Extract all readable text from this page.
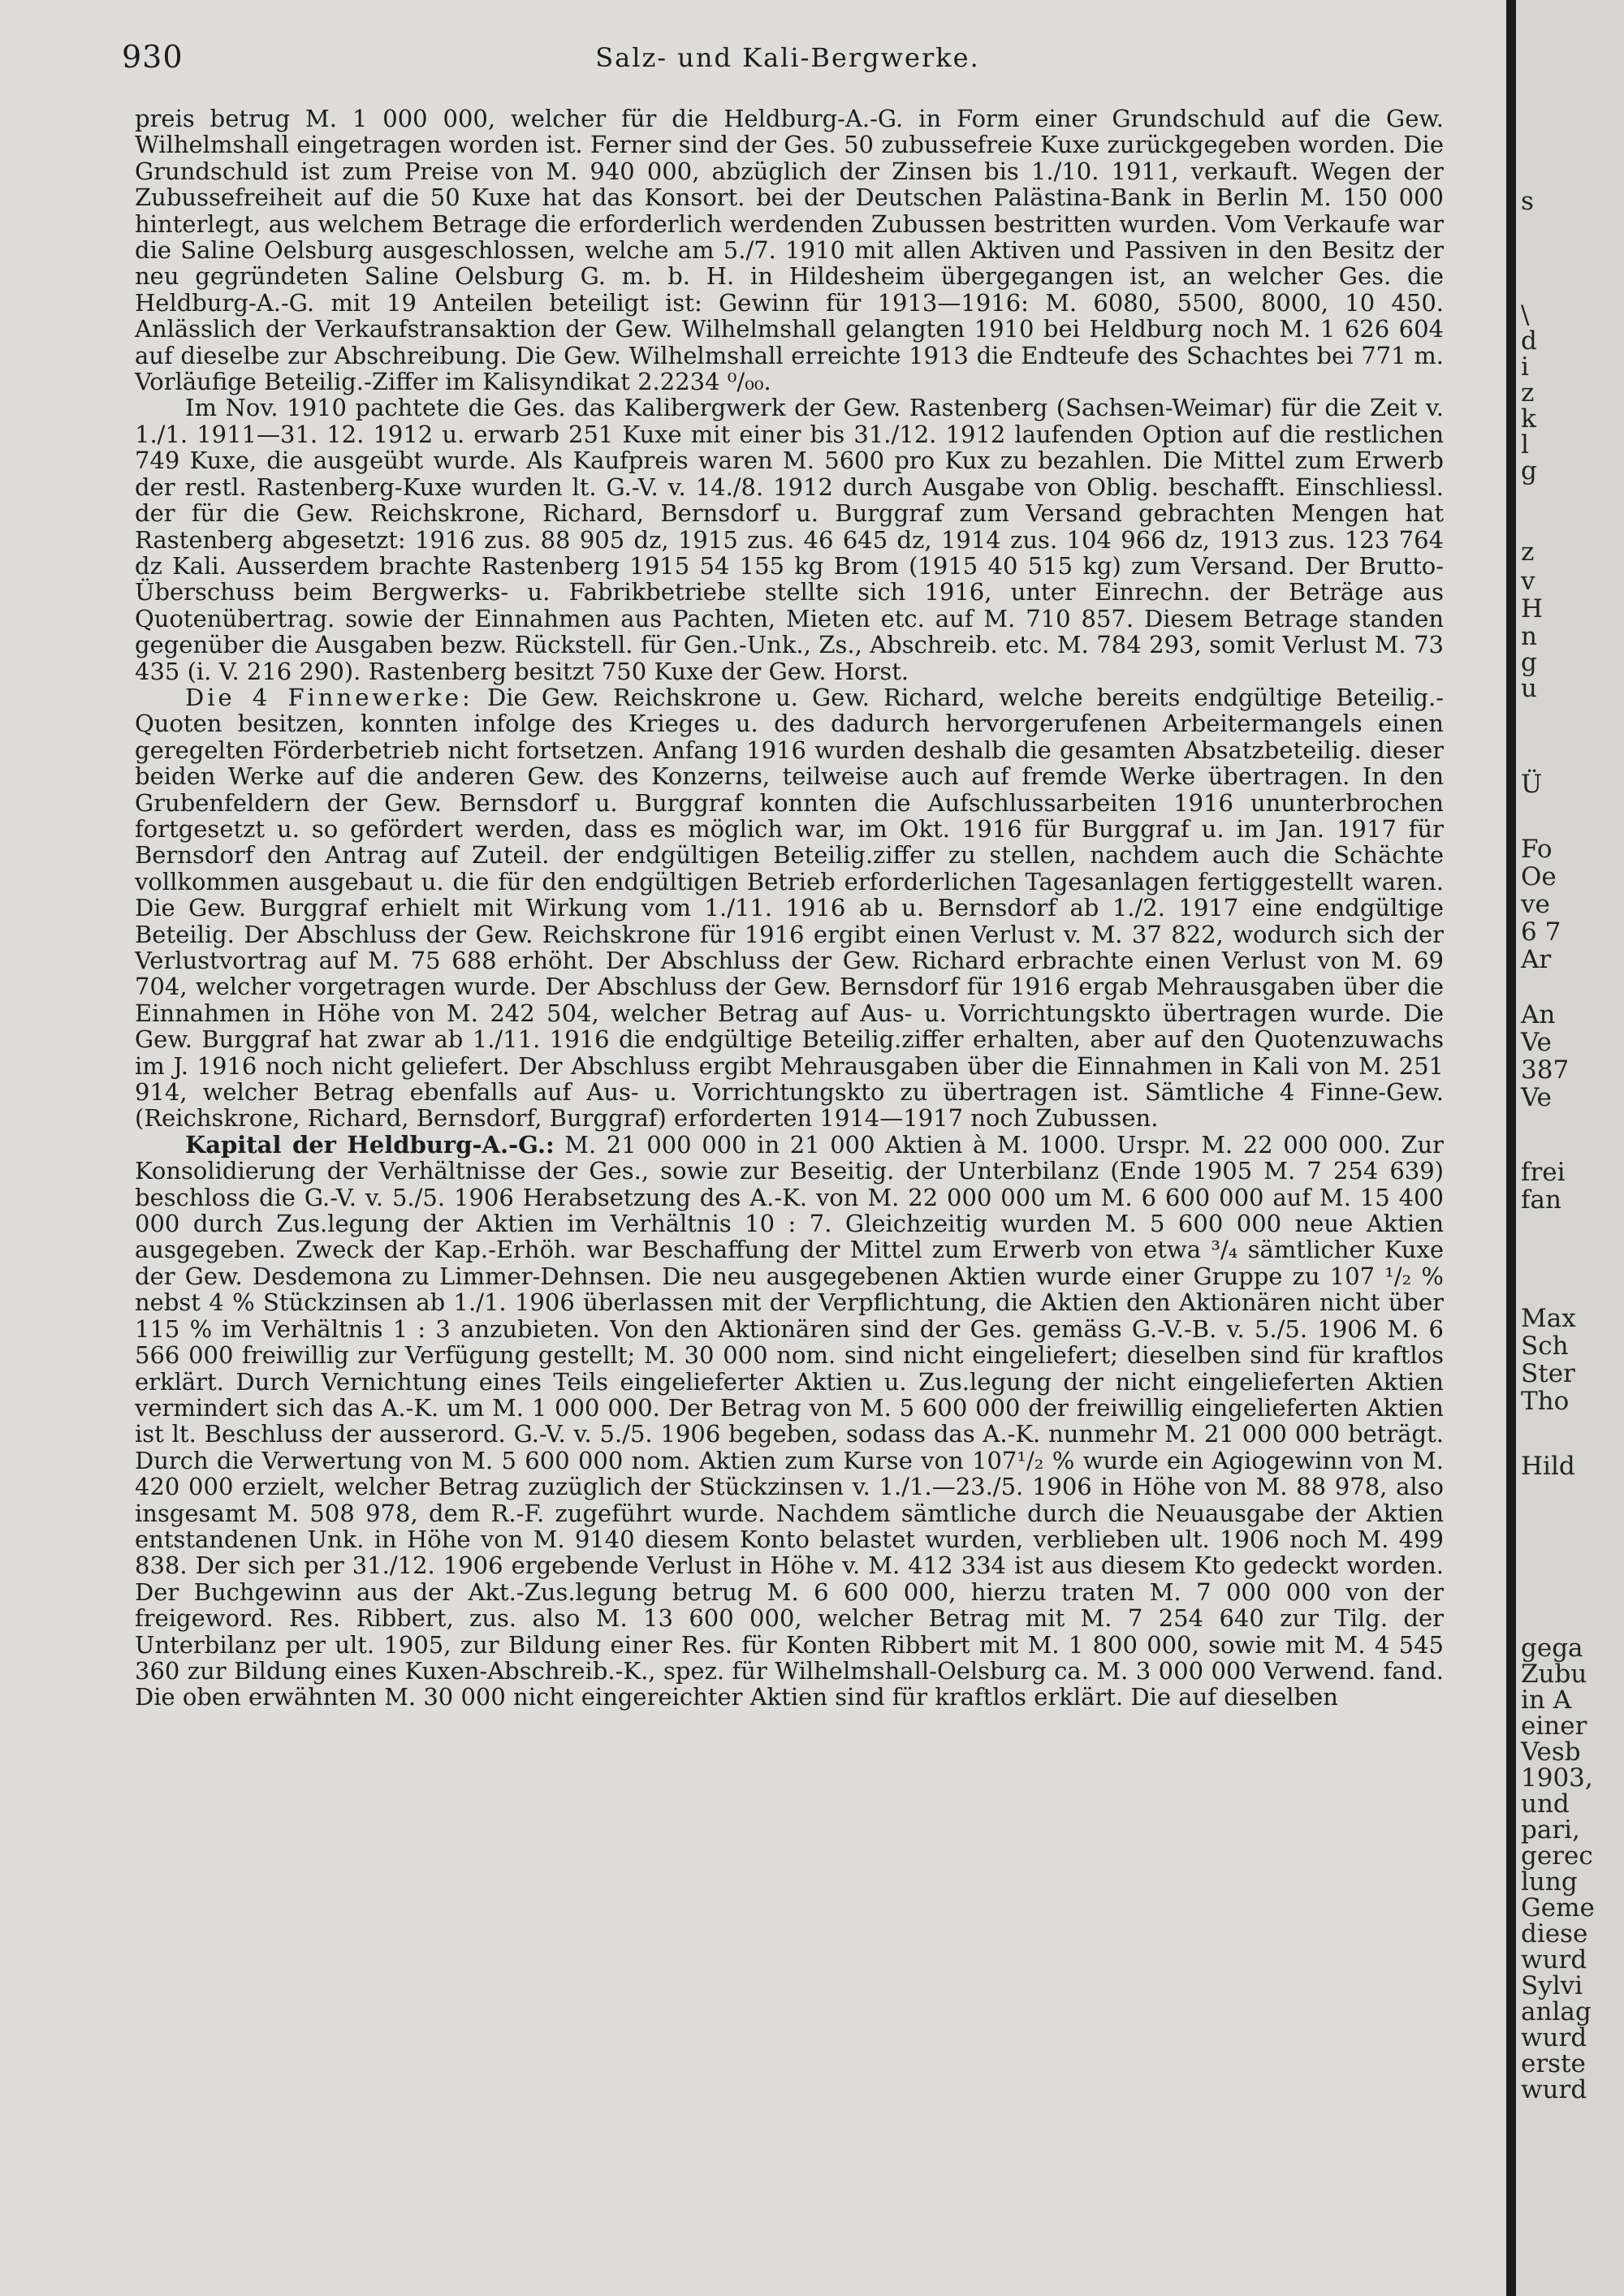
930	Salz- und Kali-Bergwerke.

preis betrug M. 1 000 000, welcher für die Heldburg-A.-G. in Form einer Grundschuld auf die Gew. Wilhelmshall eingetragen worden ist. Ferner sind der Ges. 50 zubussefreie Kuxe zurückgegeben worden. Die Grundschuld ist zum Preise von M. 940 000, abzüglich der Zinsen bis 1./10. 1911, verkauft. Wegen der Zubussefreiheit auf die 50 Kuxe hat das Konsort. bei der Deutschen Palästina-Bank in Berlin M. 150 000 hinterlegt, aus welchem Betrage die erforderlich werdenden Zubussen bestritten wurden. Vom Verkaufe war die Saline Oelsburg ausgeschlossen, welche am 5./7. 1910 mit allen Aktiven und Passiven in den Besitz der neu gegründeten Saline Oelsburg G. m. b. H. in Hildesheim übergegangen ist, an welcher Ges. die Heldburg-A.-G. mit 19 Anteilen beteiligt ist: Gewinn für 1913—1916: M. 6080, 5500, 8000, 10 450. Anlässlich der Verkaufstransaktion der Gew. Wilhelmshall gelangten 1910 bei Heldburg noch M. 1 626 604 auf dieselbe zur Abschreibung. Die Gew. Wilhelmshall erreichte 1913 die Endteufe des Schachtes bei 771 m. Vorläufige Beteilig.-Ziffer im Kalisyndikat 2.2234 ⁰/₀₀.

Im Nov. 1910 pachtete die Ges. das Kalibergwerk der Gew. Rastenberg (Sachsen-Weimar) für die Zeit v. 1./1. 1911—31. 12. 1912 u. erwarb 251 Kuxe mit einer bis 31./12. 1912 laufenden Option auf die restlichen 749 Kuxe, die ausgeübt wurde. Als Kaufpreis waren M. 5600 pro Kux zu bezahlen. Die Mittel zum Erwerb der restl. Rastenberg-Kuxe wurden lt. G.-V. v. 14./8. 1912 durch Ausgabe von Oblig. beschafft. Einschliessl. der für die Gew. Reichskrone, Richard, Bernsdorf u. Burggraf zum Versand gebrachten Mengen hat Rastenberg abgesetzt: 1916 zus. 88 905 dz, 1915 zus. 46 645 dz, 1914 zus. 104 966 dz, 1913 zus. 123 764 dz Kali. Ausserdem brachte Rastenberg 1915 54 155 kg Brom (1915 40 515 kg) zum Versand. Der Brutto-Überschuss beim Bergwerks- u. Fabrikbetriebe stellte sich 1916, unter Einrechn. der Beträge aus Quotenübertrag. sowie der Einnahmen aus Pachten, Mieten etc. auf M. 710 857. Diesem Betrage standen gegenüber die Ausgaben bezw. Rückstell. für Gen.-Unk., Zs., Abschreib. etc. M. 784 293, somit Verlust M. 73 435 (i. V. 216 290). Rastenberg besitzt 750 Kuxe der Gew. Horst.

Die 4 Finnewerke: Die Gew. Reichskrone u. Gew. Richard, welche bereits endgültige Beteilig.-Quoten besitzen, konnten infolge des Krieges u. des dadurch hervorgerufenen Arbeitermangels einen geregelten Förderbetrieb nicht fortsetzen. Anfang 1916 wurden deshalb die gesamten Absatzbeteilig. dieser beiden Werke auf die anderen Gew. des Konzerns, teilweise auch auf fremde Werke übertragen. In den Grubenfeldern der Gew. Bernsdorf u. Burggraf konnten die Aufschlussarbeiten 1916 ununterbrochen fortgesetzt u. so gefördert werden, dass es möglich war, im Okt. 1916 für Burggraf u. im Jan. 1917 für Bernsdorf den Antrag auf Zuteil. der endgültigen Beteilig.ziffer zu stellen, nachdem auch die Schächte vollkommen ausgebaut u. die für den endgültigen Betrieb erforderlichen Tagesanlagen fertiggestellt waren. Die Gew. Burggraf erhielt mit Wirkung vom 1./11. 1916 ab u. Bernsdorf ab 1./2. 1917 eine endgültige Beteilig. Der Abschluss der Gew. Reichskrone für 1916 ergibt einen Verlust v. M. 37 822, wodurch sich der Verlustvortrag auf M. 75 688 erhöht. Der Abschluss der Gew. Richard erbrachte einen Verlust von M. 69 704, welcher vorgetragen wurde. Der Abschluss der Gew. Bernsdorf für 1916 ergab Mehrausgaben über die Einnahmen in Höhe von M. 242 504, welcher Betrag auf Aus- u. Vorrichtungskto übertragen wurde. Die Gew. Burggraf hat zwar ab 1./11. 1916 die endgültige Beteilig.ziffer erhalten, aber auf den Quotenzuwachs im J. 1916 noch nicht geliefert. Der Abschluss ergibt Mehrausgaben über die Einnahmen in Kali von M. 251 914, welcher Betrag ebenfalls auf Aus- u. Vorrichtungskto zu übertragen ist. Sämtliche 4 Finne-Gew. (Reichskrone, Richard, Bernsdorf, Burggraf) erforderten 1914—1917 noch Zubussen.

Kapital der Heldburg-A.-G.: M. 21 000 000 in 21 000 Aktien à M. 1000. Urspr. M. 22 000 000. Zur Konsolidierung der Verhältnisse der Ges., sowie zur Beseitig. der Unterbilanz (Ende 1905 M. 7 254 639) beschloss die G.-V. v. 5./5. 1906 Herabsetzung des A.-K. von M. 22 000 000 um M. 6 600 000 auf M. 15 400 000 durch Zus.legung der Aktien im Verhältnis 10 : 7. Gleichzeitig wurden M. 5 600 000 neue Aktien ausgegeben. Zweck der Kap.-Erhöh. war Beschaffung der Mittel zum Erwerb von etwa ³/₄ sämtlicher Kuxe der Gew. Desdemona zu Limmer-Dehnsen. Die neu ausgegebenen Aktien wurde einer Gruppe zu 107 ¹/₂ % nebst 4 % Stückzinsen ab 1./1. 1906 überlassen mit der Verpflichtung, die Aktien den Aktionären nicht über 115 % im Verhältnis 1 : 3 anzubieten. Von den Aktionären sind der Ges. gemäss G.-V.-B. v. 5./5. 1906 M. 6 566 000 freiwillig zur Verfügung gestellt; M. 30 000 nom. sind nicht eingeliefert; dieselben sind für kraftlos erklärt. Durch Vernichtung eines Teils eingelieferter Aktien u. Zus.legung der nicht eingelieferten Aktien vermindert sich das A.-K. um M. 1 000 000. Der Betrag von M. 5 600 000 der freiwillig eingelieferten Aktien ist lt. Beschluss der ausserord. G.-V. v. 5./5. 1906 begeben, sodass das A.-K. nunmehr M. 21 000 000 beträgt. Durch die Verwertung von M. 5 600 000 nom. Aktien zum Kurse von 107¹/₂ % wurde ein Agiogewinn von M. 420 000 erzielt, welcher Betrag zuzüglich der Stückzinsen v. 1./1.—23./5. 1906 in Höhe von M. 88 978, also insgesamt M. 508 978, dem R.-F. zugeführt wurde. Nachdem sämtliche durch die Neuausgabe der Aktien entstandenen Unk. in Höhe von M. 9140 diesem Konto belastet wurden, verblieben ult. 1906 noch M. 499 838. Der sich per 31./12. 1906 ergebende Verlust in Höhe v. M. 412 334 ist aus diesem Kto gedeckt worden. Der Buchgewinn aus der Akt.-Zus.legung betrug M. 6 600 000, hierzu traten M. 7 000 000 von der freigeword. Res. Ribbert, zus. also M. 13 600 000, welcher Betrag mit M. 7 254 640 zur Tilg. der Unterbilanz per ult. 1905, zur Bildung einer Res. für Konten Ribbert mit M. 1 800 000, sowie mit M. 4 545 360 zur Bildung eines Kuxen-Abschreib.-K., spez. für Wilhelmshall-Oelsburg ca. M. 3 000 000 Verwend. fand. Die oben erwähnten M. 30 000 nicht eingereichter Aktien sind für kraftlos erklärt. Die auf dieselben

s
\
d
i
z
k
l
g
z
v
H
n
g
u
Ü
Fo
Oe
ve
6 7
Ar
An
Ve
387
Ve
frei
fan
Max
Sch
Ster
Tho
Hild
gega
Zubu
in A
einer
Vesb
1903,
und
pari,
gerec
lung
Geme
diese
wurd
Sylvi
anlag
wurd
erste
wurd
